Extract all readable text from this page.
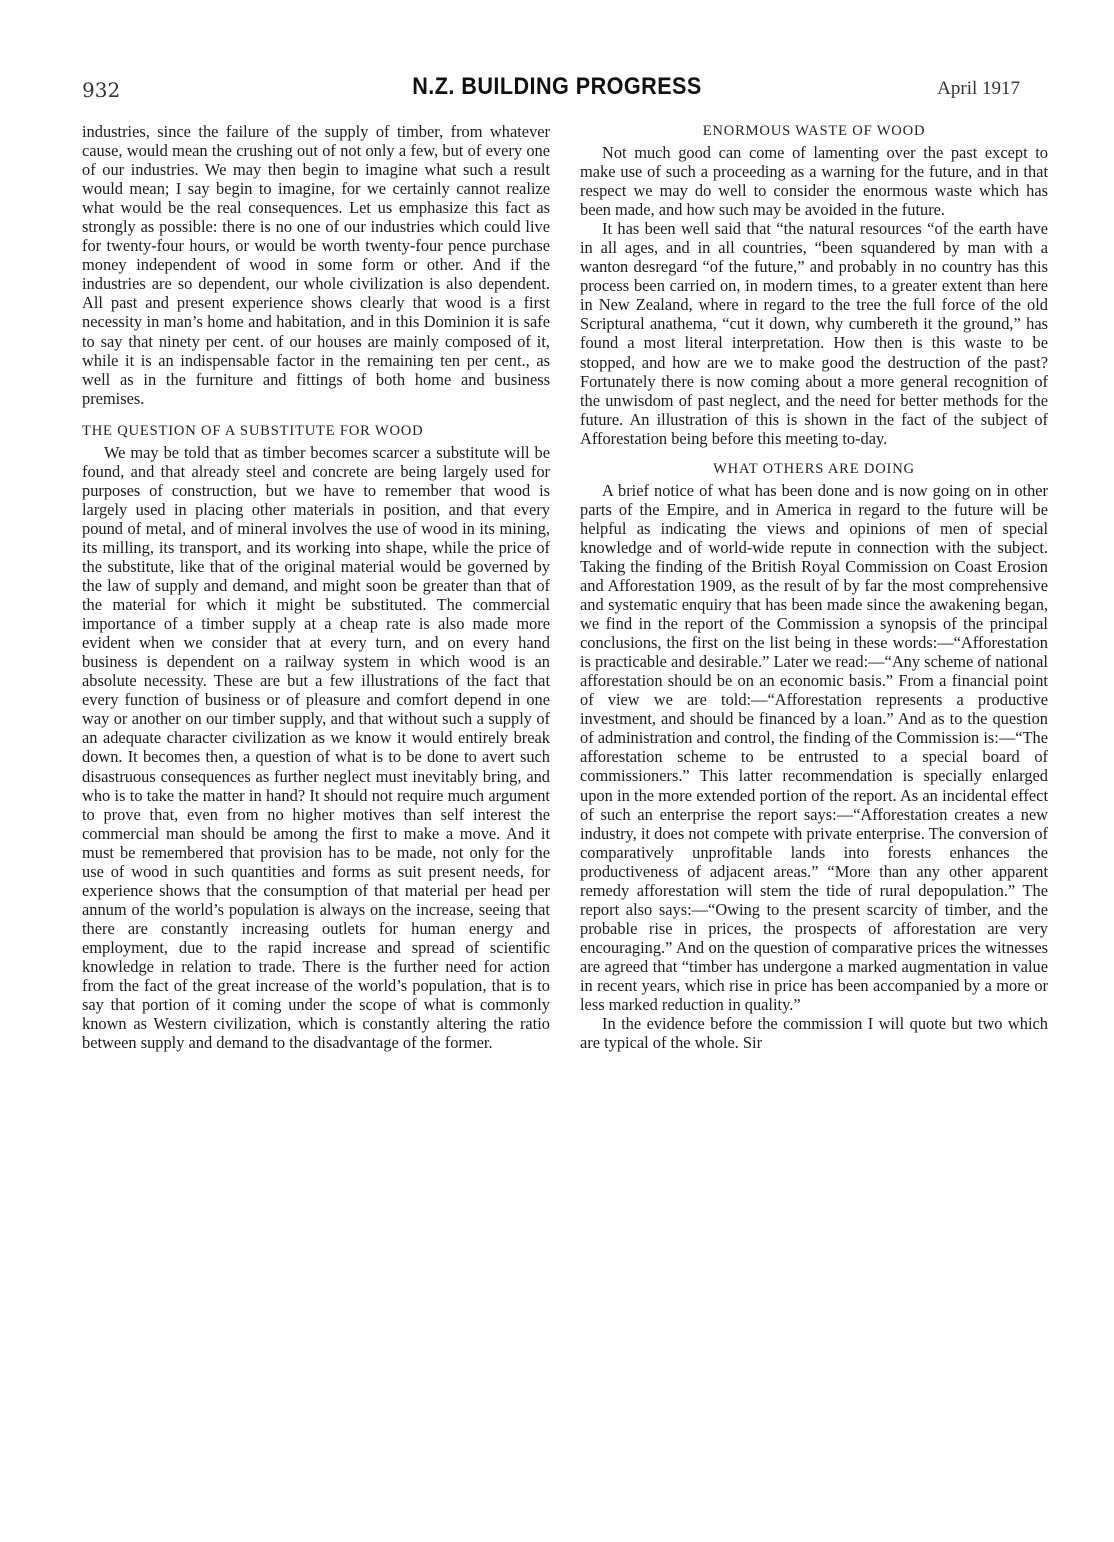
932	N.Z. BUILDING PROGRESS	April 1917

industries, since the failure of the supply of timber, from whatever cause, would mean the crushing out of not only a few, but of every one of our industries. We may then begin to imagine what such a result would mean; I say begin to imagine, for we certainly cannot realize what would be the real consequences. Let us emphasize this fact as strongly as possible: there is no one of our industries which could live for twenty-four hours, or would be worth twenty-four pence purchase money independent of wood in some form or other. And if the industries are so dependent, our whole civilization is also dependent. All past and present experience shows clearly that wood is a first necessity in man’s home and habitation, and in this Dominion it is safe to say that ninety per cent. of our houses are mainly composed of it, while it is an indispensable factor in the remaining ten per cent., as well as in the furniture and fittings of both home and business premises.

THE QUESTION OF A SUBSTITUTE FOR WOOD

We may be told that as timber becomes scarcer a substitute will be found, and that already steel and concrete are being largely used for purposes of construction, but we have to remember that wood is largely used in placing other materials in position, and that every pound of metal, and of mineral involves the use of wood in its mining, its milling, its transport, and its working into shape, while the price of the substitute, like that of the original material would be governed by the law of supply and demand, and might soon be greater than that of the material for which it might be substituted. The commercial importance of a timber supply at a cheap rate is also made more evident when we consider that at every turn, and on every hand business is dependent on a railway system in which wood is an absolute necessity. These are but a few illustrations of the fact that every function of business or of pleasure and comfort depend in one way or another on our timber supply, and that without such a supply of an adequate character civilization as we know it would entirely break down. It becomes then, a question of what is to be done to avert such disastruous consequences as further neglect must inevitably bring, and who is to take the matter in hand? It should not require much argument to prove that, even from no higher motives than self interest the commercial man should be among the first to make a move. And it must be remembered that provision has to be made, not only for the use of wood in such quantities and forms as suit present needs, for experience shows that the consumption of that material per head per annum of the world’s population is always on the increase, seeing that there are constantly increasing outlets for human energy and employment, due to the rapid increase and spread of scientific knowledge in relation to trade. There is the further need for action from the fact of the great increase of the world’s population, that is to say that portion of it coming under the scope of what is commonly known as Western civilization, which is constantly altering the ratio between supply and demand to the disadvantage of the former.

ENORMOUS WASTE OF WOOD

Not much good can come of lamenting over the past except to make use of such a proceeding as a warning for the future, and in that respect we may do well to consider the enormous waste which has been made, and how such may be avoided in the future.

It has been well said that “the natural resources “of the earth have in all ages, and in all countries, “been squandered by man with a wanton desregard “of the future,” and probably in no country has this process been carried on, in modern times, to a greater extent than here in New Zealand, where in regard to the tree the full force of the old Scriptural anathema, “cut it down, why cumbereth it the ground,” has found a most literal interpretation. How then is this waste to be stopped, and how are we to make good the destruction of the past? Fortunately there is now coming about a more general recognition of the unwisdom of past neglect, and the need for better methods for the future. An illustration of this is shown in the fact of the subject of Afforestation being before this meeting to-day.

WHAT OTHERS ARE DOING

A brief notice of what has been done and is now going on in other parts of the Empire, and in America in regard to the future will be helpful as indicating the views and opinions of men of special knowledge and of world-wide repute in connection with the subject. Taking the finding of the British Royal Commission on Coast Erosion and Afforestation 1909, as the result of by far the most comprehensive and systematic enquiry that has been made since the awakening began, we find in the report of the Commission a synopsis of the principal conclusions, the first on the list being in these words:—“Afforestation is practicable and desirable.” Later we read:—“Any scheme of national afforestation should be on an economic basis.” From a financial point of view we are told:—“Afforestation represents a productive investment, and should be financed by a loan.” And as to the question of administration and control, the finding of the Commission is:—“The afforestation scheme to be entrusted to a special board of commissioners.” This latter recommendation is specially enlarged upon in the more extended portion of the report. As an incidental effect of such an enterprise the report says:—“Afforestation creates a new industry, it does not compete with private enterprise. The conversion of comparatively unprofitable lands into forests enhances the productiveness of adjacent areas.” “More than any other apparent remedy afforestation will stem the tide of rural depopulation.” The report also says:—“Owing to the present scarcity of timber, and the probable rise in prices, the prospects of afforestation are very encouraging.” And on the question of comparative prices the witnesses are agreed that “timber has undergone a marked augmentation in value in recent years, which rise in price has been accompanied by a more or less marked reduction in quality.”

In the evidence before the commission I will quote but two which are typical of the whole. Sir
